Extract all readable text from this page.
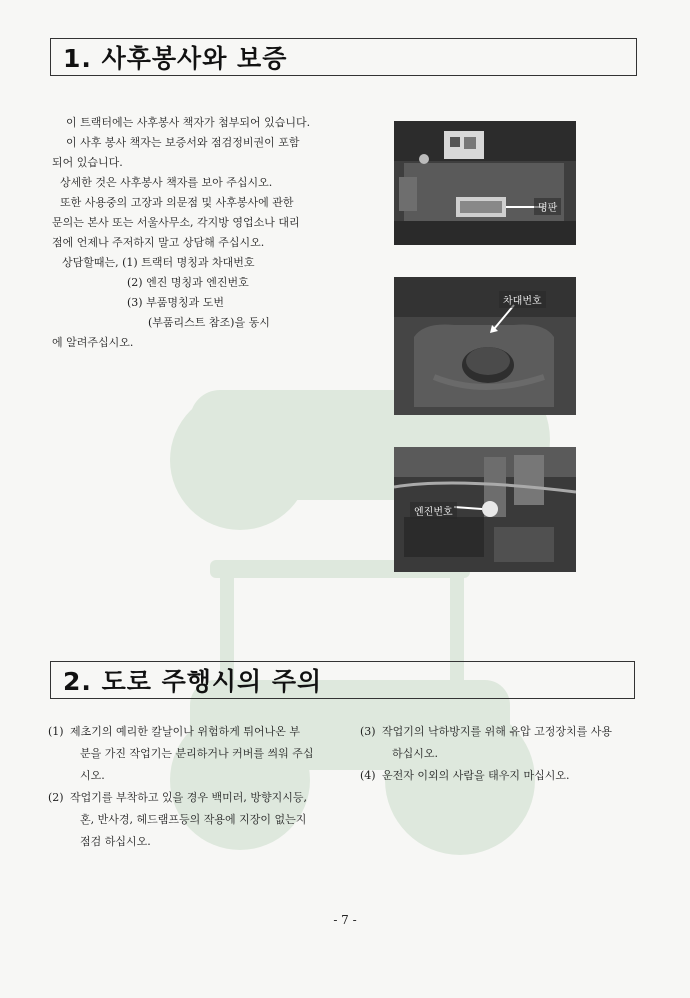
1. 사후봉사와 보증

이 트랙터에는 사후봉사 책자가 첨부되어 있습니다.

이 사후 봉사 책자는 보증서와 점검정비권이 포함

되어 있습니다.

상세한 것은 사후봉사 책자를 보아 주십시오.

또한 사용중의 고장과 의문점 및 사후봉사에 관한

문의는 본사 또는 서울사무소, 각지방 영업소나 대리

점에 언제나 주저하지 말고 상담해 주십시오.

상담할때는, (1) 트랙터 명칭과 차대번호

(2) 엔진 명칭과 엔진번호

(3) 부품명칭과 도번

(부품리스트 참조)을 동시

에 알려주십시오.

명판
차대번호
엔진번호
2. 도로 주행시의 주의
(1) 제초기의 예리한 칼날이나 위험하게 튀어나온 부
분을 가진 작업기는 분리하거나 커버를 씌워 주십
시오.
(2) 작업기를 부착하고 있을 경우 백미러, 방향지시등,
혼, 반사경, 헤드램프등의 작용에 지장이 없는지
점검 하십시오.
(3) 작업기의 낙하방지를 위해 유압 고정장치를 사용
하십시오.
(4) 운전자 이외의 사람을 태우지 마십시오.
- 7 -
